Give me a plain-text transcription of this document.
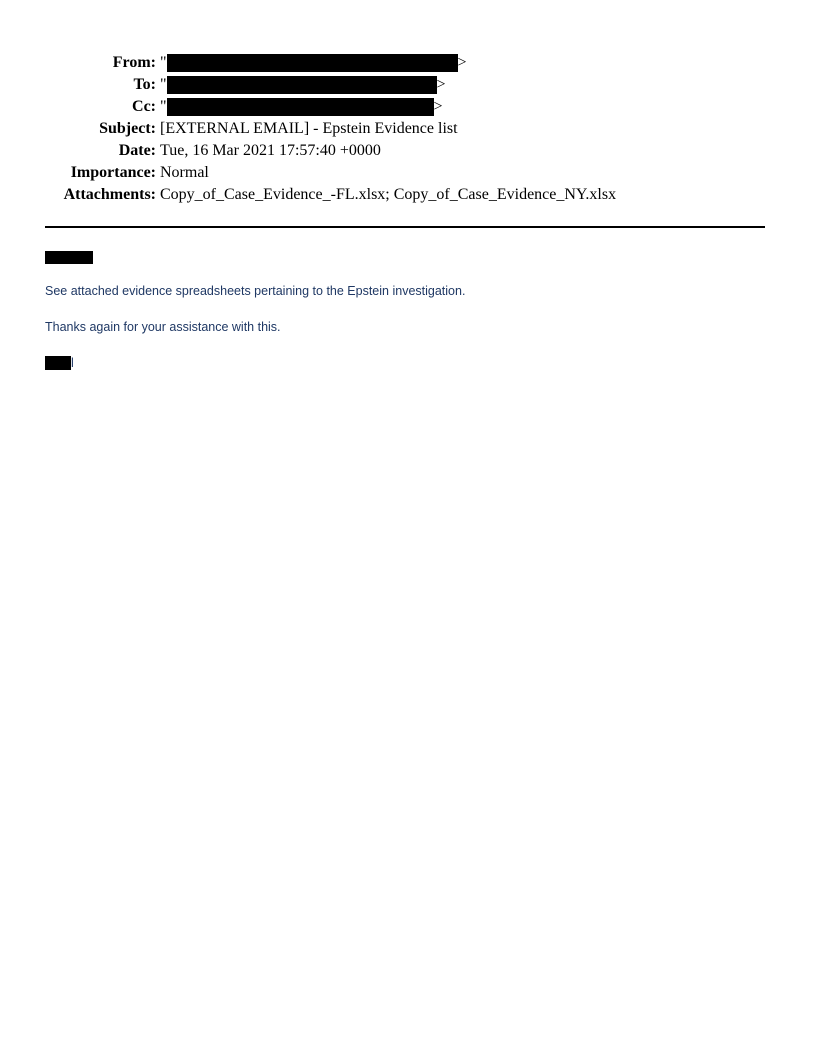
From: "	>
To: "	>
Cc: "	>
Subject: [EXTERNAL EMAIL] - Epstein Evidence list
Date: Tue, 16 Mar 2021 17:57:40 +0000
Importance: Normal
Attachments: Copy_of_Case_Evidence_-FL.xlsx; Copy_of_Case_Evidence_NY.xlsx
See attached evidence spreadsheets pertaining to the Epstein investigation.
Thanks again for your assistance with this.
l
